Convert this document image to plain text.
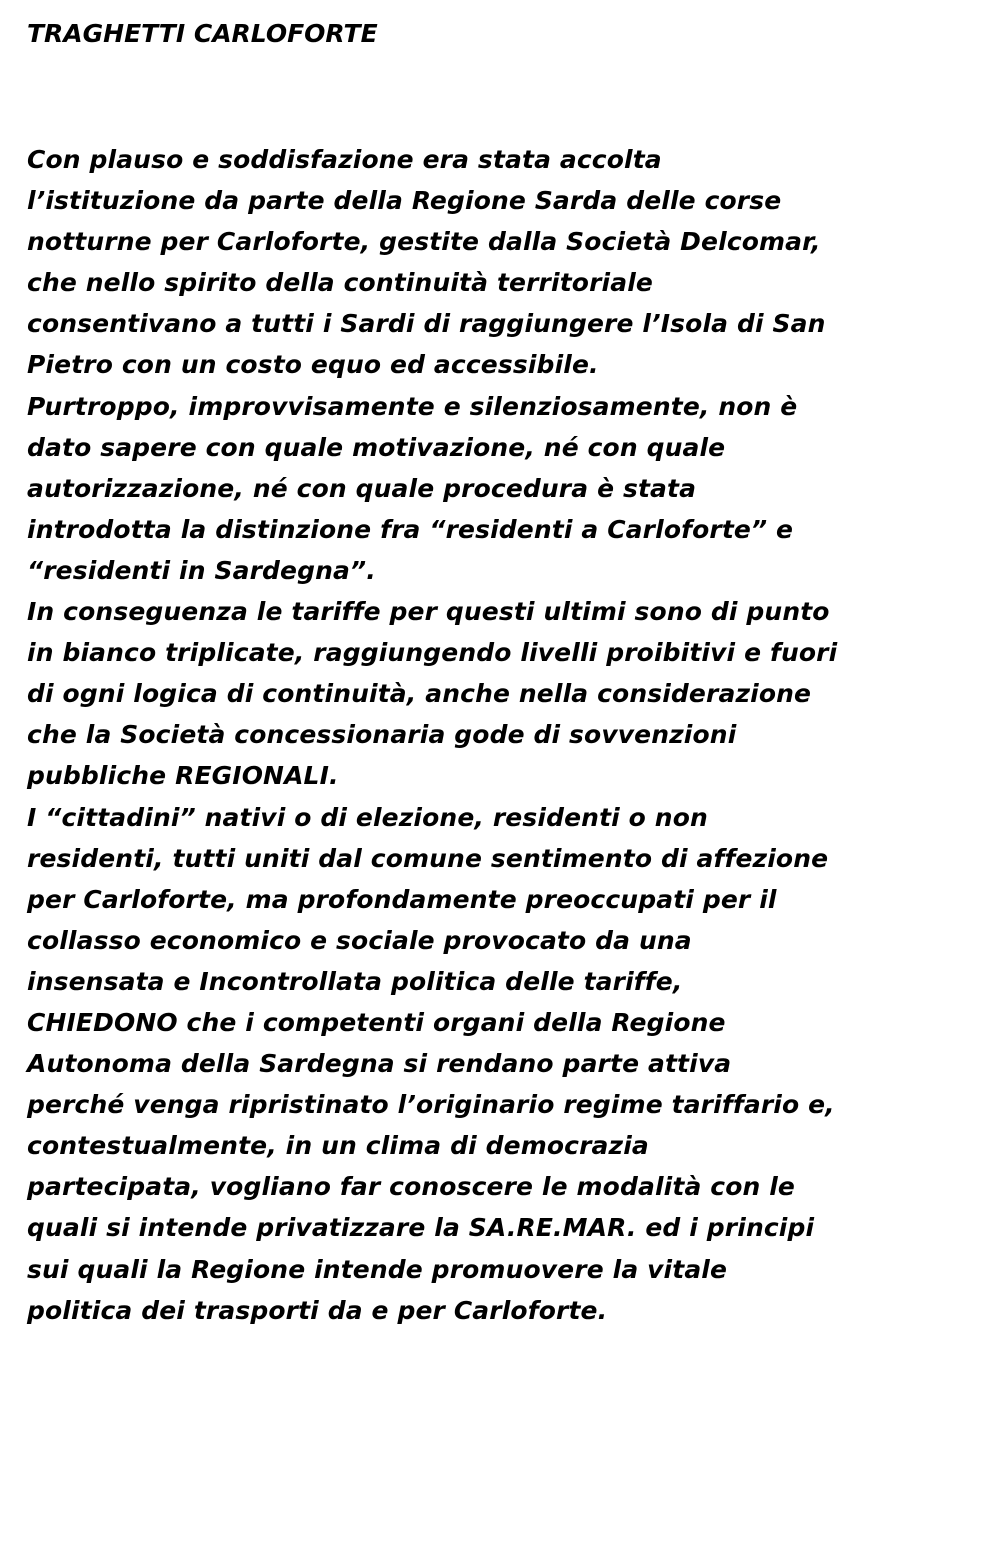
TRAGHETTI CARLOFORTE
Con plauso e soddisfazione era stata accolta
l’istituzione da parte della Regione Sarda delle corse
notturne per Carloforte, gestite dalla Società Delcomar,
che nello spirito della continuità territoriale
consentivano a tutti i Sardi di raggiungere l’Isola di San
Pietro con un costo equo ed accessibile.
Purtroppo, improvvisamente e silenziosamente, non è
dato sapere con quale motivazione, né con quale
autorizzazione, né con quale procedura è stata
introdotta la distinzione fra “residenti a Carloforte” e
“residenti in Sardegna”.
In conseguenza le tariffe per questi ultimi sono di punto
in bianco triplicate, raggiungendo livelli proibitivi e fuori
di ogni logica di continuità, anche nella considerazione
che la Società concessionaria gode di sovvenzioni
pubbliche REGIONALI.
I “cittadini” nativi o di elezione, residenti o non
residenti, tutti uniti dal comune sentimento di affezione
per Carloforte, ma profondamente preoccupati per il
collasso economico e sociale provocato da una
insensata e Incontrollata politica delle tariffe,
CHIEDONO che i competenti organi della Regione
Autonoma della Sardegna si rendano parte attiva
perché venga ripristinato l’originario regime tariffario e,
contestualmente, in un clima di democrazia
partecipata, vogliano far conoscere le modalità con le
quali si intende privatizzare la SA.RE.MAR. ed i principi
sui quali la Regione intende promuovere la vitale
politica dei trasporti da e per Carloforte.
